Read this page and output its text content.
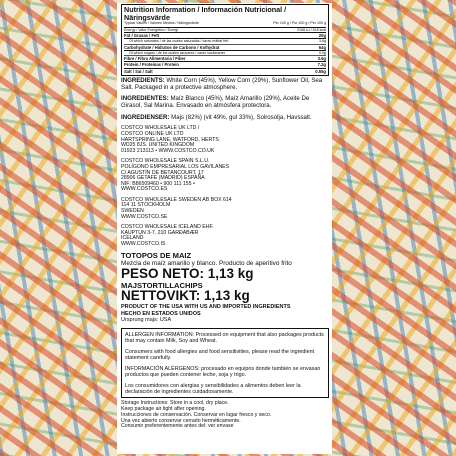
Nutrition Information / Información Nutricional /
Näringsvärde
Typical Values / Valores Medios / Näringsvärde	Per 100 g / Por 100 g / Per 100 g
Energy / Valor Energético / Energi	2168 kJ / 518 kcal
Fat / Grasas / Fett	25g
Of which saturates / de las cuales saturadas / varav mättat fett	3.6g
Carbohydrate / Hidratos de Carbono / Kolhydrat	64g
Of which sugars / de los cuales azúcares / varav sockerarter	0.5g
Fibre / Fibra Alimentaria / Fiber	3.6g
Protein / Proteínas / Protein	7.2g
Salt / Sal / Salt	0.55g

INGREDIENTS: White Corn (45%), Yellow Corn (29%), Sunflower Oil, Sea Salt. Packaged in a protective atmosphere.

INGREDIENTES: Maíz Blanco (45%), Maíz Amarillo (29%), Aceite De Girasol, Sal Marina. Envasado en atmósfera protectora.

INGREDIENSER: Majs (82%) (vit 49%, gul 33%), Solrosolja, Havssalt.

COSTCO WHOLESALE UK LTD /
COSTCO ONLINE UK LTD
HARTSPRING LANE, WATFORD, HERTS
WD25 8JS. UNITED KINGDOM
01923 213113 • WWW.COSTCO.CO.UK
COSTCO WHOLESALE SPAIN S.L.U.
POLÍGONO EMPRESARIAL LOS GAVILANES
C/ AGUSTÍN DE BETANCOURT, 17
28906 GETAFE (MADRID) ESPAÑA
NIF: B86509460 • 900 111 155 •
WWW.COSTCO.ES
COSTCO WHOLESALE SWEDEN AB BOX 614
114 11 STOCKHOLM
SWEDEN
WWW.COSTCO.SE
COSTCO WHOLESALE ICELAND EHF.
KAUPTUN 3-7, 210 GARÐABÆR
ICELAND
WWW.COSTCO.IS
TOTOPOS DE MAIZ
Mezcla de maíz amarillo y blanco. Producto de aperitivo frito
PESO NETO: 1,13 kg
MAJSTORTILLACHIPS
NETTOVIKT: 1,13 kg
PRODUCT OF THE USA WITH US AND IMPORTED INGREDIENTS
HECHO EN ESTADOS UNIDOS
Ursprung majs: USA

ALLERGEN INFORMATION: Processed on equipment that also packages products that may contain Milk, Soy and Wheat.

Consumers with food allergies and food sensitivities, please read the ingredient statement carefully.

INFORMACIÓN ALÉRGENOS: procesado en equipos donde también se envasan productos que pueden contener leche, soja y trigo.

Los consumidores con alergias y sensibilidades a alimentos deben leer la declaración de ingredientes cuidadosamente.

Storage Instructions: Store in a cool, dry place.
Keep package air tight after opening.
Instrucciones de conservación. Conservar en lugar fresco y seco.
Una vez abierto conservar cerrado herméticamente.
Consumir preferentemente antes del: ver envase
